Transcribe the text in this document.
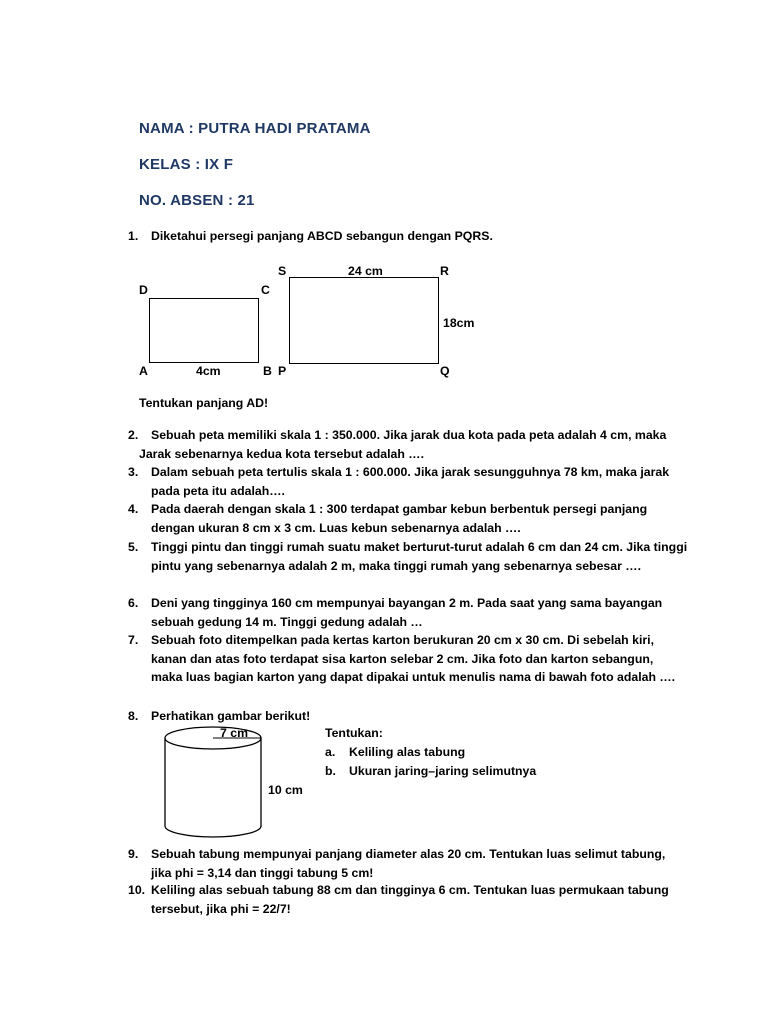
NAMA : PUTRA HADI PRATAMA
KELAS : IX F
NO. ABSEN : 21
1. Diketahui persegi panjang ABCD sebangun dengan PQRS.
D	C
A	4cm	B
S	24 cm	R
18cm
P	Q
Tentukan panjang AD!
2. Sebuah peta memiliki skala 1 : 350.000. Jika jarak dua kota pada peta adalah 4 cm, maka
Jarak sebenarnya kedua kota tersebut adalah ….
3. Dalam sebuah peta tertulis skala 1 : 600.000. Jika jarak sesungguhnya 78 km, maka jarak pada peta itu adalah….
4. Pada daerah dengan skala 1 : 300 terdapat gambar kebun berbentuk persegi panjang dengan ukuran 8 cm x 3 cm. Luas kebun sebenarnya adalah ….
5. Tinggi pintu dan tinggi rumah suatu maket berturut-turut adalah 6 cm dan 24 cm. Jika tinggi pintu yang sebenarnya adalah 2 m, maka tinggi rumah yang sebenarnya sebesar ….
6. Deni yang tingginya 160 cm mempunyai bayangan 2 m. Pada saat yang sama bayangan sebuah gedung 14 m. Tinggi gedung adalah …
7. Sebuah foto ditempelkan pada kertas karton berukuran 20 cm x 30 cm. Di sebelah kiri, kanan dan atas foto terdapat sisa karton selebar 2 cm. Jika foto dan karton sebangun, maka luas bagian karton yang dapat dipakai untuk menulis nama di bawah foto adalah ….
8. Perhatikan gambar berikut!
7 cm
10 cm
Tentukan:
a. Keliling alas tabung
b. Ukuran jaring–jaring selimutnya
9. Sebuah tabung mempunyai panjang diameter alas 20 cm. Tentukan luas selimut tabung, jika phi = 3,14 dan tinggi tabung 5 cm!
10. Keliling alas sebuah tabung 88 cm dan tingginya 6 cm. Tentukan luas permukaan tabung tersebut, jika phi = 22/7!
